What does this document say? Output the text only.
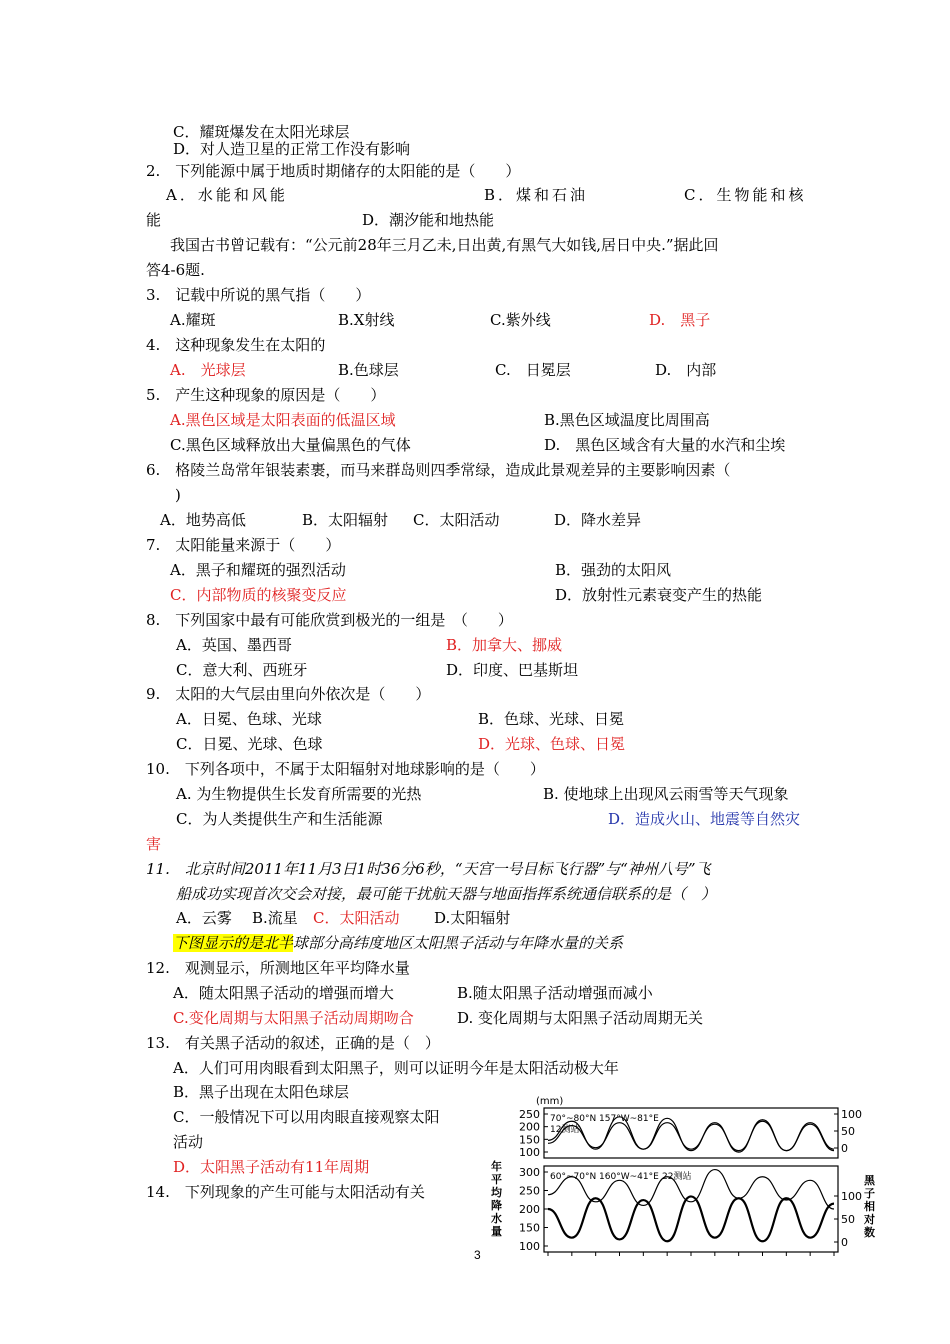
C．耀斑爆发在太阳光球层
D．对人造卫星的正常工作没有影响
2.　下列能源中属于地质时期储存的太阳能的是（　　）
A．水能和风能	B．煤和石油	C．生物能和核
能	D．潮汐能和地热能
我国古书曾记载有：“公元前28年三月乙未,日出黄,有黑气大如钱,居日中央.”据此回
答4-6题.
3.　记载中所说的黑气指（　　）
A.耀斑	B.X射线	C.紫外线	D.　黑子
4.　这种现象发生在太阳的
A.　光球层	B.色球层	C.　日冕层	D.　内部
5.　产生这种现象的原因是（　　）
A.黑色区域是太阳表面的低温区域	B.黑色区域温度比周围高
C.黑色区域释放出大量偏黑色的气体	D.　黑色区域含有大量的水汽和尘埃
6.　格陵兰岛常年银装素裹，而马来群岛则四季常绿，造成此景观差异的主要影响因素（
)
A．地势高低	B．太阳辐射 C．太阳活动	D．降水差异
7.　太阳能量来源于（　　）
A．黑子和耀斑的强烈活动	B．强劲的太阳风
C．内部物质的核聚变反应	D．放射性元素衰变产生的热能
8.　下列国家中最有可能欣赏到极光的一组是　（　　）
A．英国、墨西哥	B．加拿大、挪威
C．意大利、西班牙	D．印度、巴基斯坦
9.　太阳的大气层由里向外依次是（　　）
A．日冕、色球、光球	B．色球、光球、日冕
C．日冕、光球、色球	D．光球、色球、日冕
10.　下列各项中，不属于太阳辐射对地球影响的是（　　）
A. 为生物提供生长发育所需要的光热	B. 使地球上出现风云雨雪等天气现象
C．为人类提供生产和生活能源	D．造成火山、地震等自然灾
害
11.　北京时间2011年11月3日1时36分6秒，“天宫一号目标飞行器”与“神州八号”飞
船成功实现首次交会对接，最可能干扰航天器与地面指挥系统通信联系的是（　）
A．云雾 B.流星 C．太阳活动 D.太阳辐射
下图显示的是北半球部分高纬度地区太阳黑子活动与年降水量的关系
12.　观测显示，所测地区年平均降水量
A．随太阳黑子活动的增强而增大	B.随太阳黑子活动增强而减小
C.变化周期与太阳黑子活动周期吻合	D. 变化周期与太阳黑子活动周期无关
13.　有关黑子活动的叙述，正确的是（　）
A．人们可用肉眼看到太阳黑子，则可以证明今年是太阳活动极大年
B．黑子出现在太阳色球层
C．一般情况下可以用肉眼直接观察太阳
活动
D．太阳黑子活动有11年周期
14.　下列现象的产生可能与太阳活动有关
(mm)
年平均降水量
黑子相对数
250
200
150
100
100
50
0
70°~80°N 157°W~81°E
12测站
300
250
200
150
100
100
50
0
60°~70°N 160°W~41°E 22测站
3
